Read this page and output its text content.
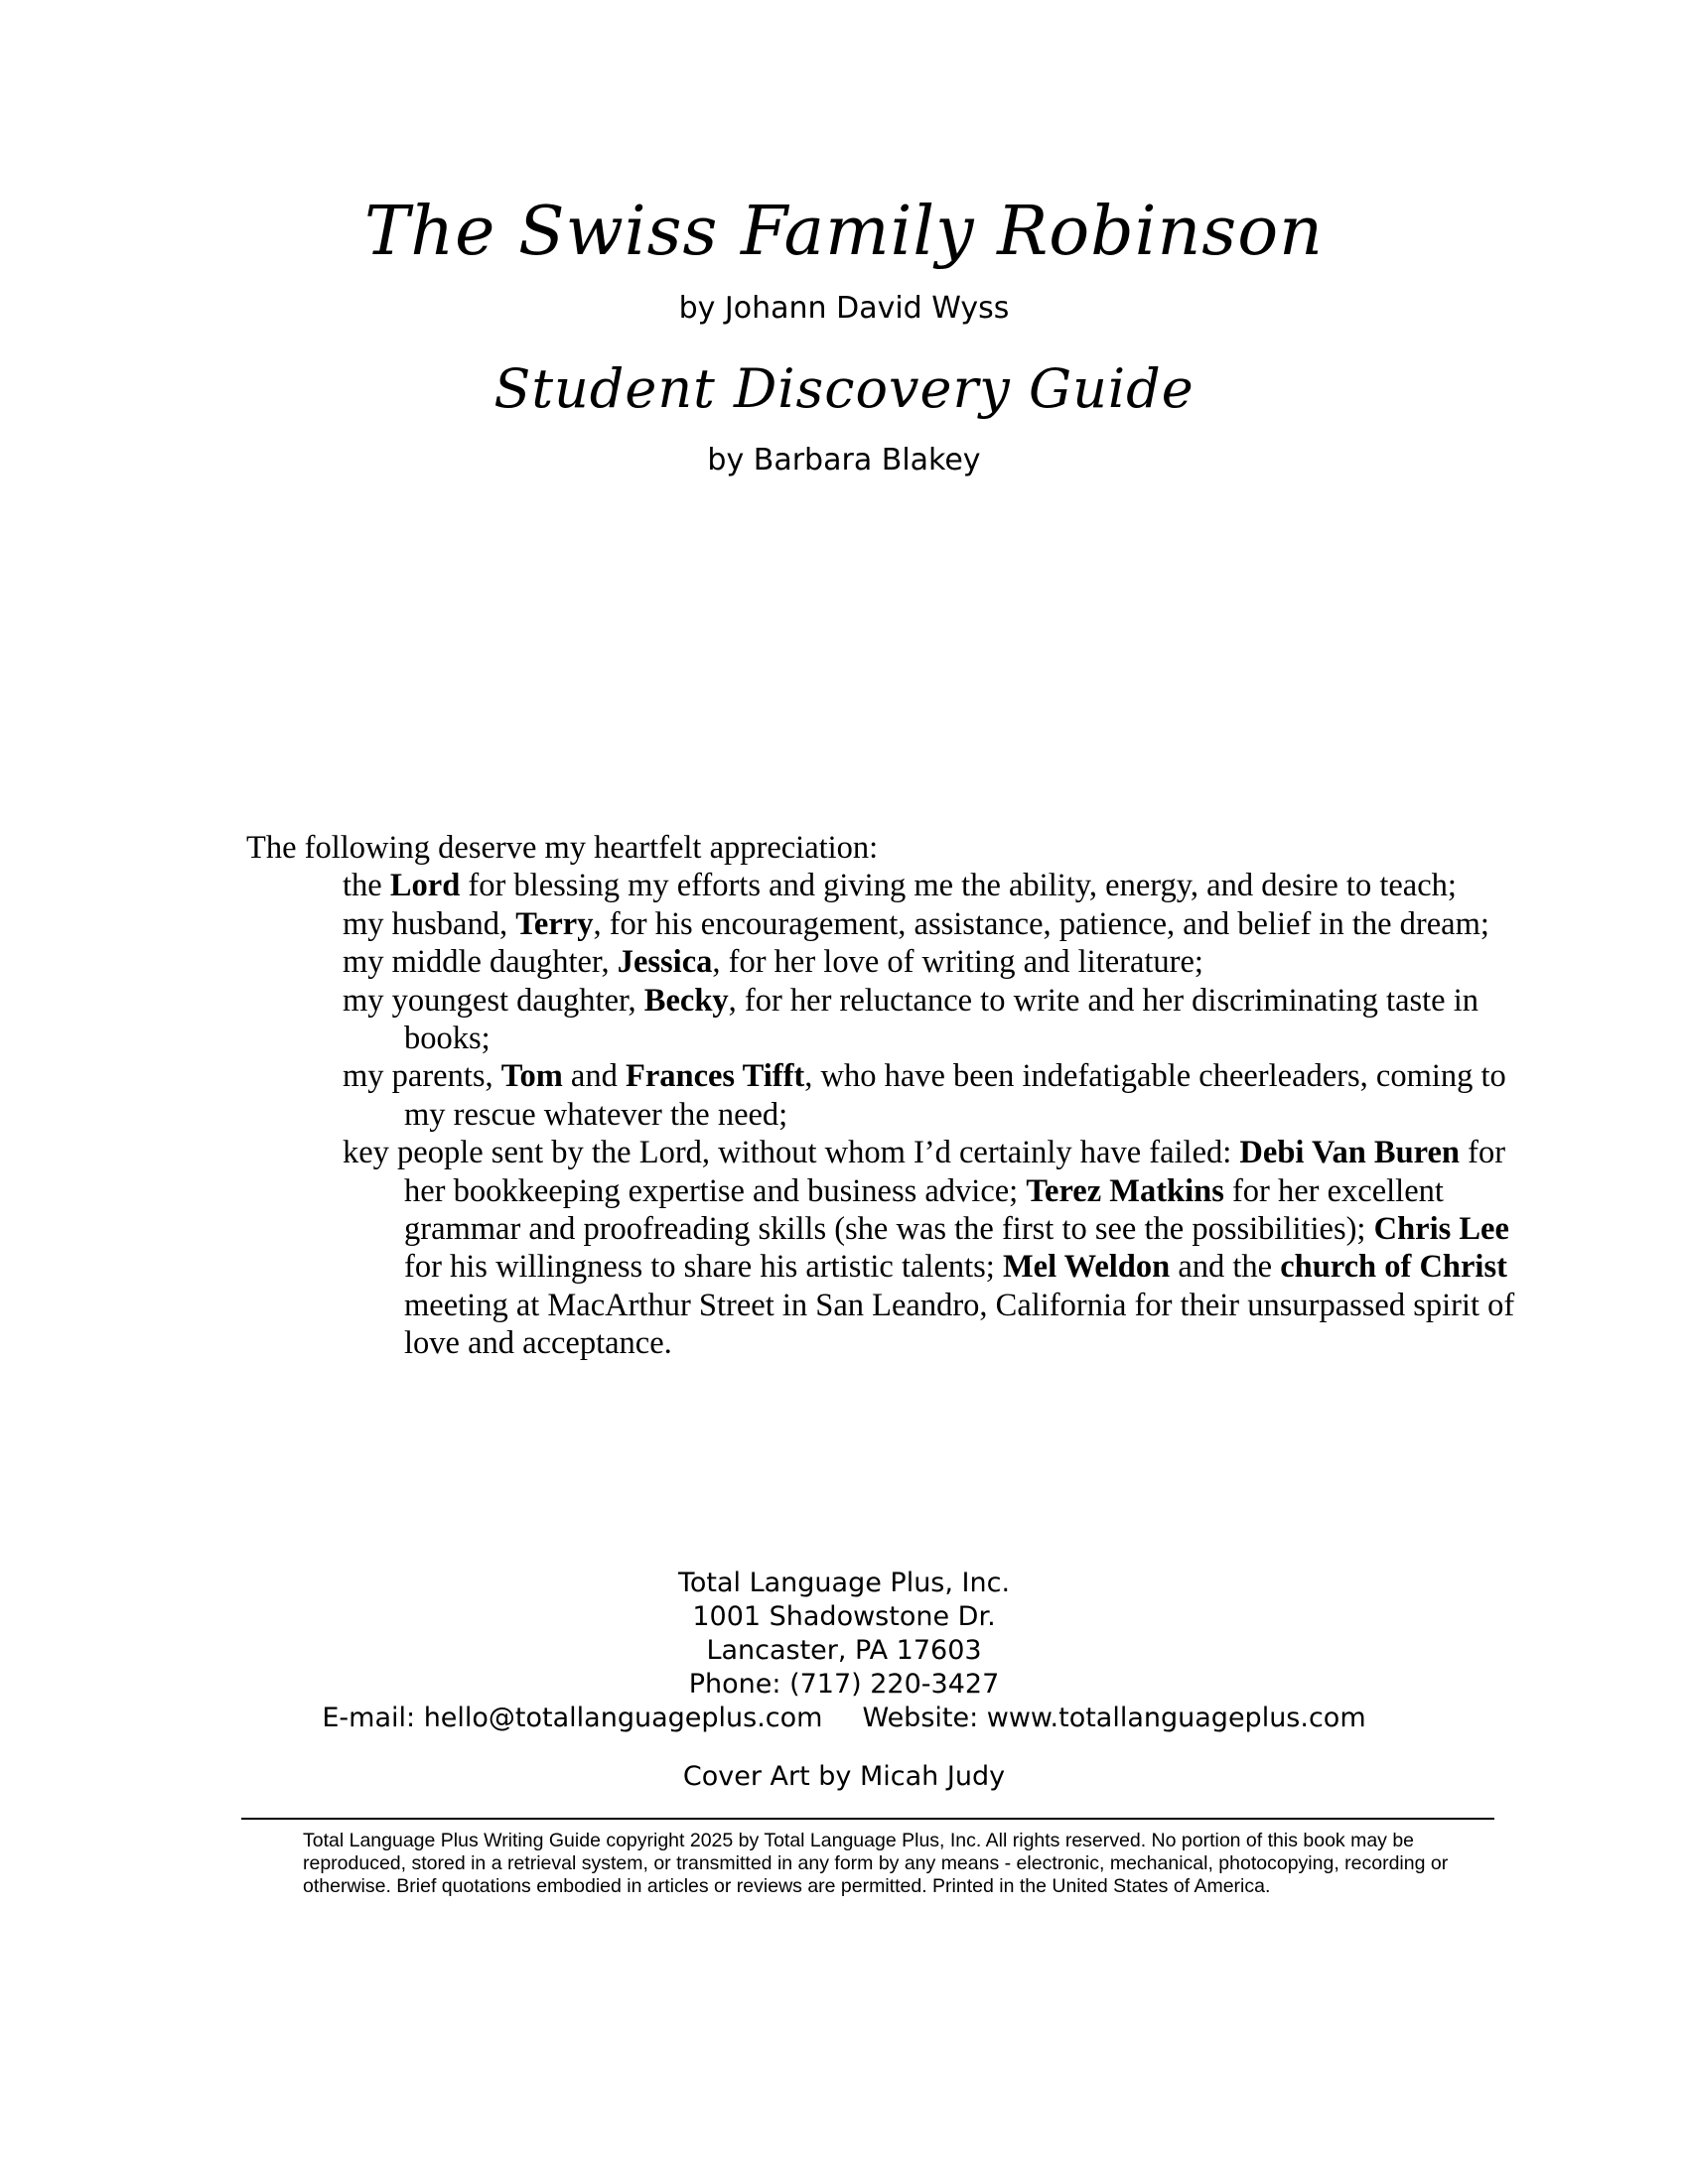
The Swiss Family Robinson
by Johann David Wyss
Student Discovery Guide
by Barbara Blakey

The following deserve my heartfelt appreciation:

the Lord for blessing my efforts and giving me the ability, energy, and desire to teach;
my husband, Terry, for his encouragement, assistance, patience, and belief in the dream;
my middle daughter, Jessica, for her love of writing and literature;
my youngest daughter, Becky, for her reluctance to write and her discriminating taste in books;
my parents, Tom and Frances Tifft, who have been indefatigable cheerleaders, coming to my rescue whatever the need;
key people sent by the Lord, without whom I’d certainly have failed: Debi Van Buren for her bookkeeping expertise and business advice; Terez Matkins for her excellent grammar and proofreading skills (she was the first to see the possibilities); Chris Lee for his willingness to share his artistic talents; Mel Weldon and the church of Christ meeting at MacArthur Street in San Leandro, California for their unsurpassed spirit of love and acceptance.
Total Language Plus, Inc.
1001 Shadowstone Dr.
Lancaster, PA 17603
Phone: (717) 220-3427
E-mail: hello@totallanguageplus.com Website: www.totallanguageplus.com
Cover Art by Micah Judy
Total Language Plus Writing Guide copyright 2025 by Total Language Plus, Inc. All rights reserved. No portion of this book may be reproduced, stored in a retrieval system, or transmitted in any form by any means - electronic, mechanical, photocopying, recording or otherwise. Brief quotations embodied in articles or reviews are permitted. Printed in the United States of America.
